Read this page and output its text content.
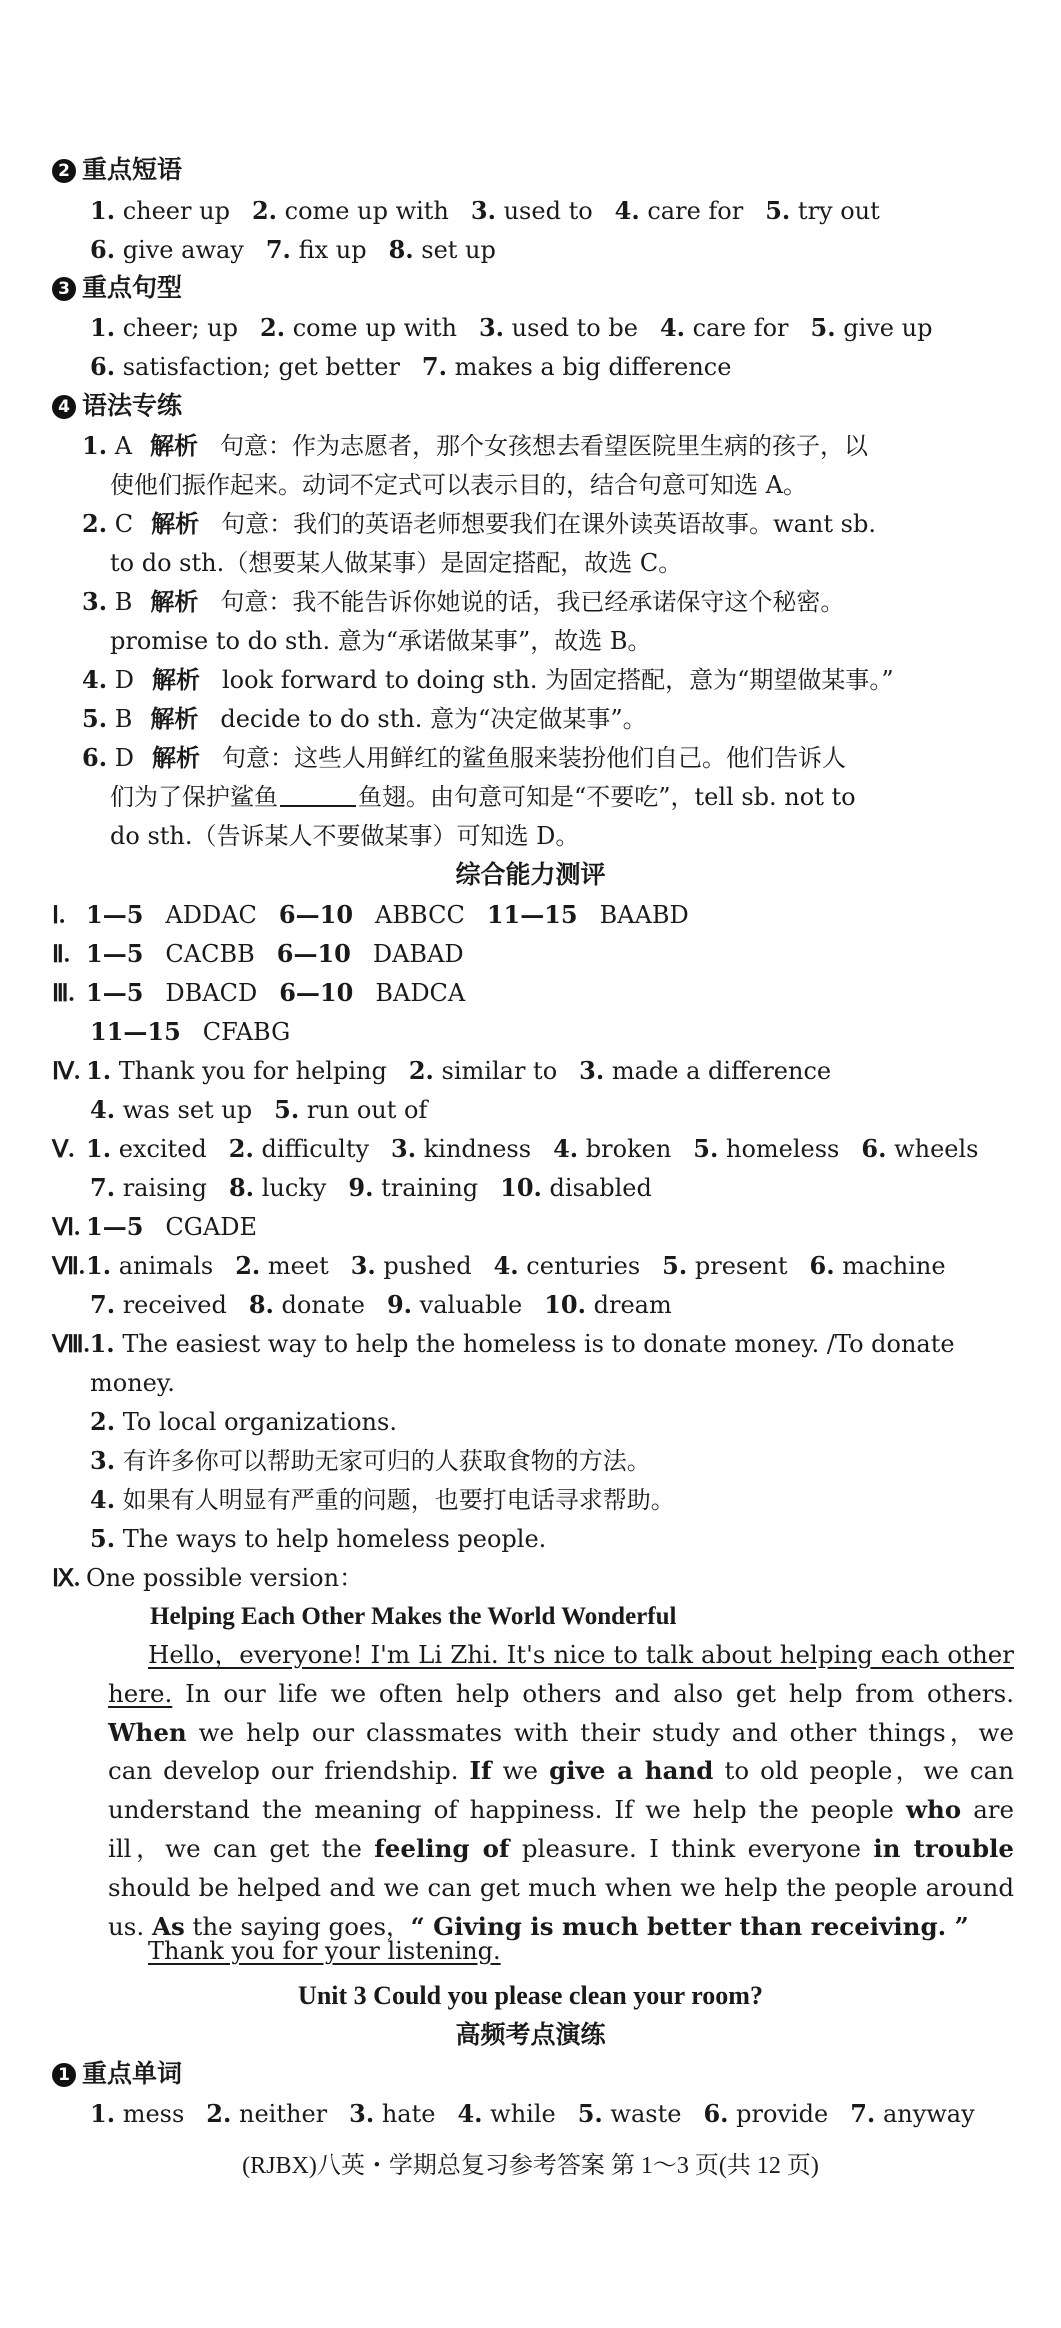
2 重点短语
1. cheer up 2. come up with 3. used to 4. care for 5. try out
6. give away 7. fix up 8. set up
3 重点句型
1. cheer; up 2. come up with 3. used to be 4. care for 5. give up
6. satisfaction; get better 7. makes a big difference
4 语法专练
1. A 解析 句意：作为志愿者，那个女孩想去看望医院里生病的孩子，以
使他们振作起来。动词不定式可以表示目的，结合句意可知选 A。
2. C 解析 句意：我们的英语老师想要我们在课外读英语故事。want sb.
to do sth.（想要某人做某事）是固定搭配，故选 C。
3. B 解析 句意：我不能告诉你她说的话，我已经承诺保守这个秘密。
promise to do sth. 意为“承诺做某事”，故选 B。
4. D 解析 look forward to doing sth. 为固定搭配，意为“期望做某事。”
5. B 解析 decide to do sth. 意为“决定做某事”。
6. D 解析 句意：这些人用鲜红的鲨鱼服来装扮他们自己。他们告诉人
们为了保护鲨鱼	鱼翅。由句意可知是“不要吃”，tell sb. not to
do sth.（告诉某人不要做某事）可知选 D。
综合能力测评
Ⅰ. 1—5 ADDAC 6—10 ABBCC 11—15 BAABD
Ⅱ. 1—5 CACBB 6—10 DABAD
Ⅲ. 1—5 DBACD 6—10 BADCA
11—15 CFABG
Ⅳ. 1. Thank you for helping 2. similar to 3. made a difference
4. was set up 5. run out of
Ⅴ. 1. excited 2. difficulty 3. kindness 4. broken 5. homeless 6. wheels
7. raising 8. lucky 9. training 10. disabled
Ⅵ. 1—5 CGADE
Ⅶ.1. animals 2. meet 3. pushed 4. centuries 5. present 6. machine
7. received 8. donate 9. valuable 10. dream
Ⅷ.1. The easiest way to help the homeless is to donate money. /To donate
money.
2. To local organizations.
3. 有许多你可以帮助无家可归的人获取食物的方法。
4. 如果有人明显有严重的问题，也要打电话寻求帮助。
5. The ways to help homeless people.
Ⅸ. One possible version：
Helping Each Other Makes the World Wonderful
Hello，everyone! I'm Li Zhi. It's nice to talk about helping each other here. In our life we often help others and also get help from others. When we help our classmates with their study and other things，we can develop our friendship. If we give a hand to old people，we can understand the meaning of happiness. If we help the people who are ill，we can get the feeling of pleasure. I think everyone in trouble should be helped and we can get much when we help the people around us. As the saying goes，“ Giving is much better than receiving. ”
Thank you for your listening.
Unit 3 Could you please clean your room?
高频考点演练
1 重点单词
1. mess 2. neither 3. hate 4. while 5. waste 6. provide 7. anyway
(RJBX)八英・学期总复习参考答案 第 1～3 页(共 12 页)
